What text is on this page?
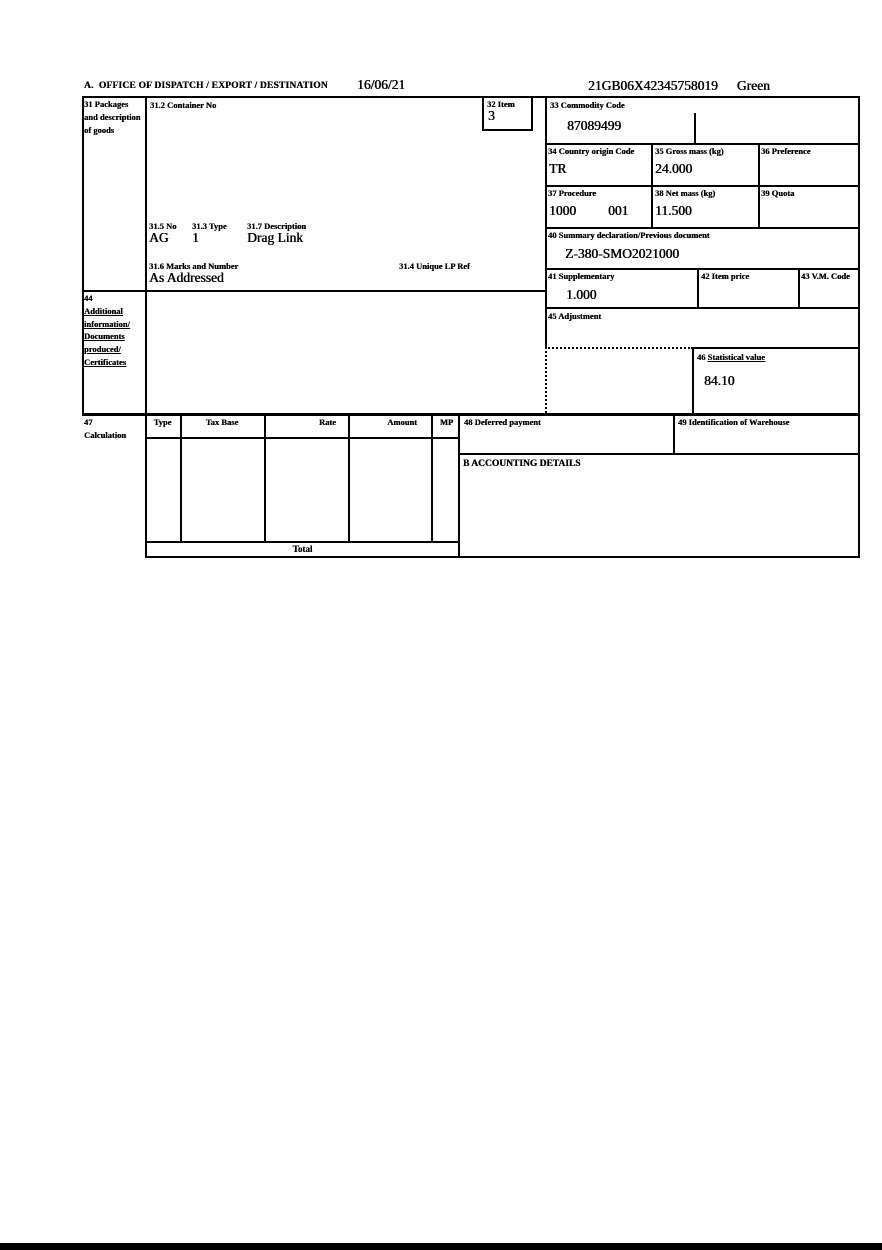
A.  OFFICE OF DISPATCH / EXPORT / DESTINATION 16/06/21	21GB06X42345758019 Green
31 Packages and description of goods
31.2 Container No	32 Item
3
33 Commodity Code
87089499
34 Country origin Code
TR
35 Gross mass (kg)
24.000
36 Preference
37 Procedure
1000 001
38 Net mass (kg)
11.500
39 Quota
31.5 No
AG
31.3 Type
1
31.7 Description
Drag Link	40 Summary declaration/Previous document
Z-380-SMO2021000
31.6 Marks and Number
As Addressed
31.4 Unique LP Ref
41 Supplementary
1.000
42 Item price	43 V.M. Code
44
Additional
information/
Documents
produced/
Certificates
45 Adjustment
46 Statistical value
84.10
47
Calculation
48 Deferred payment	49 Identification of Warehouse
B ACCOUNTING DETAILS
Type	Tax Base	Rate	Amount	MP
Total
